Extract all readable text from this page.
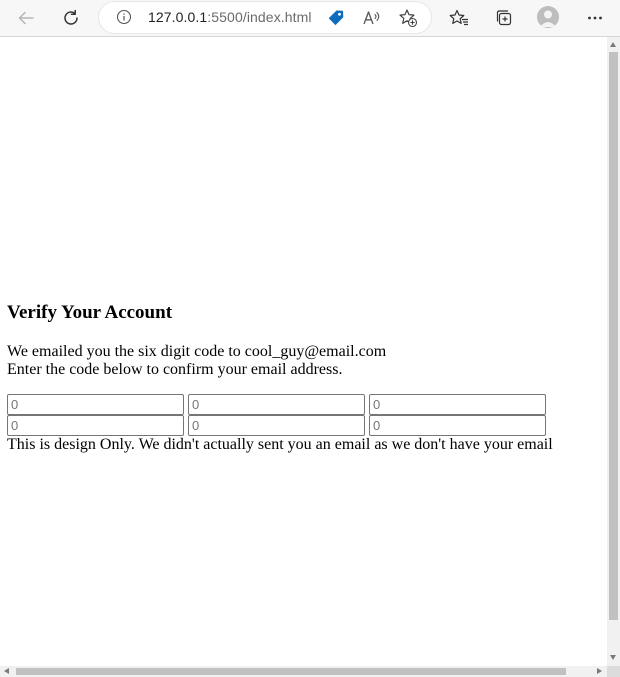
127.0.0.1:5500/index.html
Verify Your Account
We emailed you the six digit code to cool_guy@email.com
Enter the code below to confirm your email address.
0
0
0
0
0
0
This is design Only. We didn't actually sent you an email as we don't have your email
